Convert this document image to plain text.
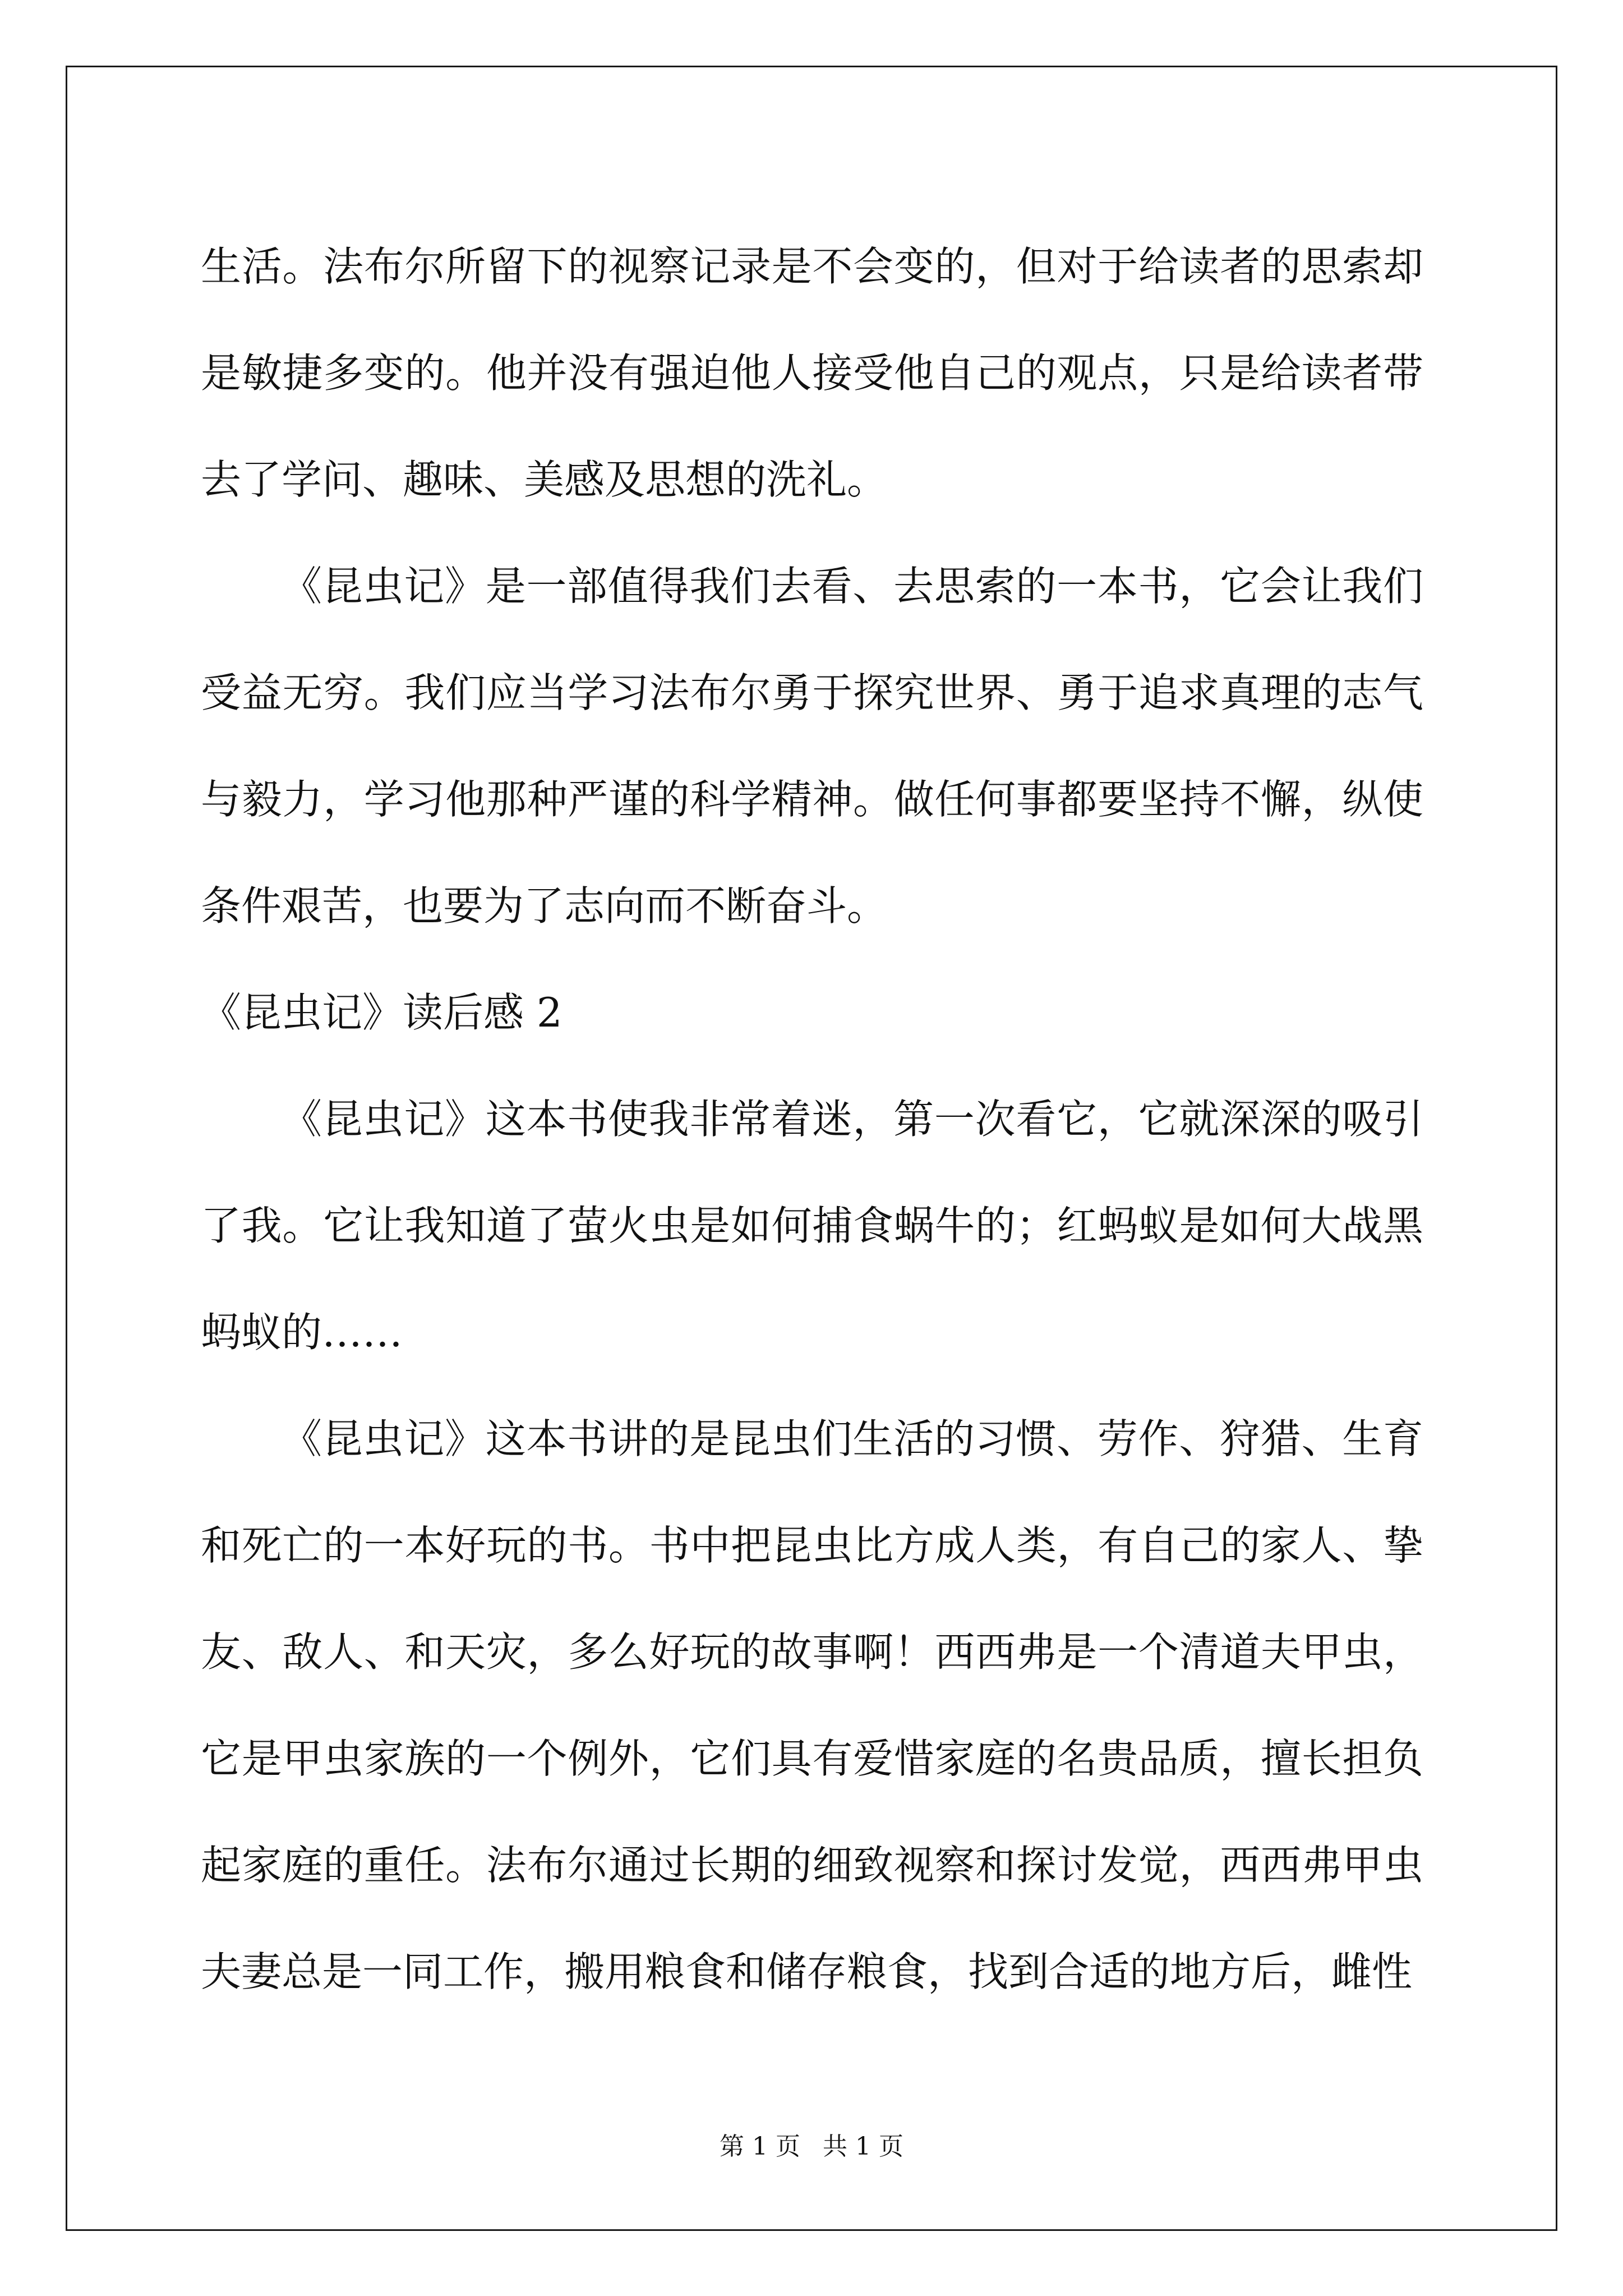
生活。法布尔所留下的视察记录是不会变的，但对于给读者的思索却是敏捷多变的。他并没有强迫他人接受他自己的观点，只是给读者带去了学问、趣味、美感及思想的洗礼。

《昆虫记》是一部值得我们去看、去思索的一本书，它会让我们受益无穷。我们应当学习法布尔勇于探究世界、勇于追求真理的志气与毅力，学习他那种严谨的科学精神。做任何事都要坚持不懈，纵使条件艰苦，也要为了志向而不断奋斗。

《昆虫记》读后感 2

《昆虫记》这本书使我非常着迷，第一次看它，它就深深的吸引了我。它让我知道了萤火虫是如何捕食蜗牛的；红蚂蚁是如何大战黑蚂蚁的……

《昆虫记》这本书讲的是昆虫们生活的习惯、劳作、狩猎、生育和死亡的一本好玩的书。书中把昆虫比方成人类，有自己的家人、挚友、敌人、和天灾，多么好玩的故事啊！西西弗是一个清道夫甲虫，它是甲虫家族的一个例外，它们具有爱惜家庭的名贵品质，擅长担负起家庭的重任。法布尔通过长期的细致视察和探讨发觉，西西弗甲虫夫妻总是一同工作，搬用粮食和储存粮食，找到合适的地方后，雌性

第 1 页 共 1 页
